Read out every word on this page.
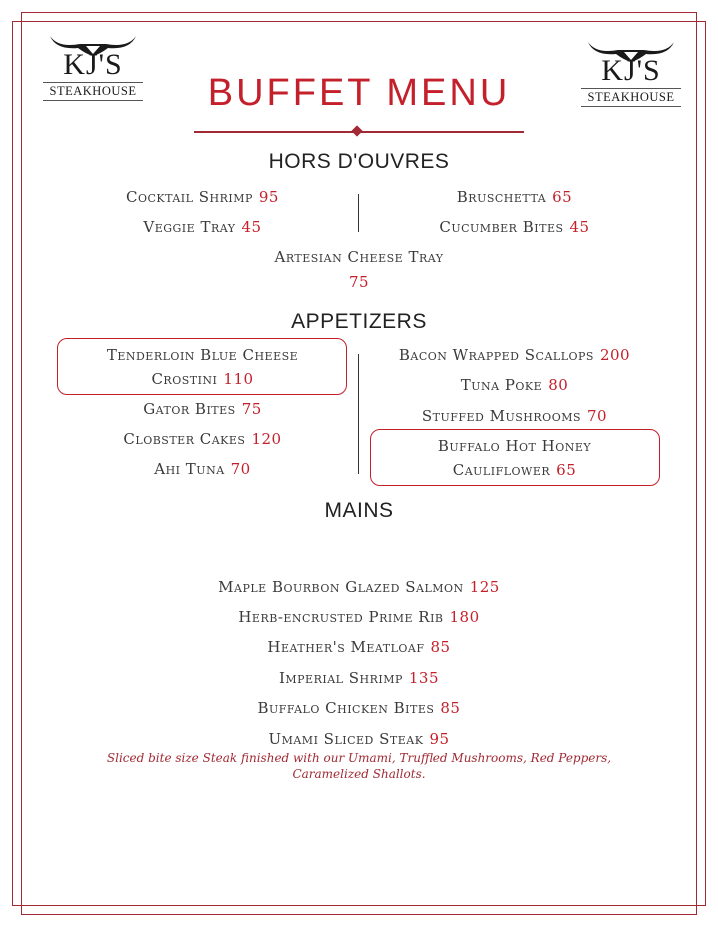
KJ'S
STEAKHOUSE
KJ'S
STEAKHOUSE
BUFFET MENU
HORS D'OUVRES
Cocktail Shrimp 95
Veggie Tray 45
Bruschetta 65
Cucumber Bites 45
Artesian Cheese Tray
75
APPETIZERS
Tenderloin Blue Cheese
Crostini 110
Gator Bites 75
Clobster Cakes 120
Ahi Tuna 70
Bacon Wrapped Scallops 200
Tuna Poke 80
Stuffed Mushrooms 70
Buffalo Hot Honey
Cauliflower 65
MAINS
Maple Bourbon Glazed Salmon 125
Herb-encrusted Prime Rib 180
Heather's Meatloaf 85
Imperial Shrimp 135
Buffalo Chicken Bites 85
Umami Sliced Steak 95
Sliced bite size Steak finished with our Umami, Truffled Mushrooms, Red Peppers, Caramelized Shallots.
